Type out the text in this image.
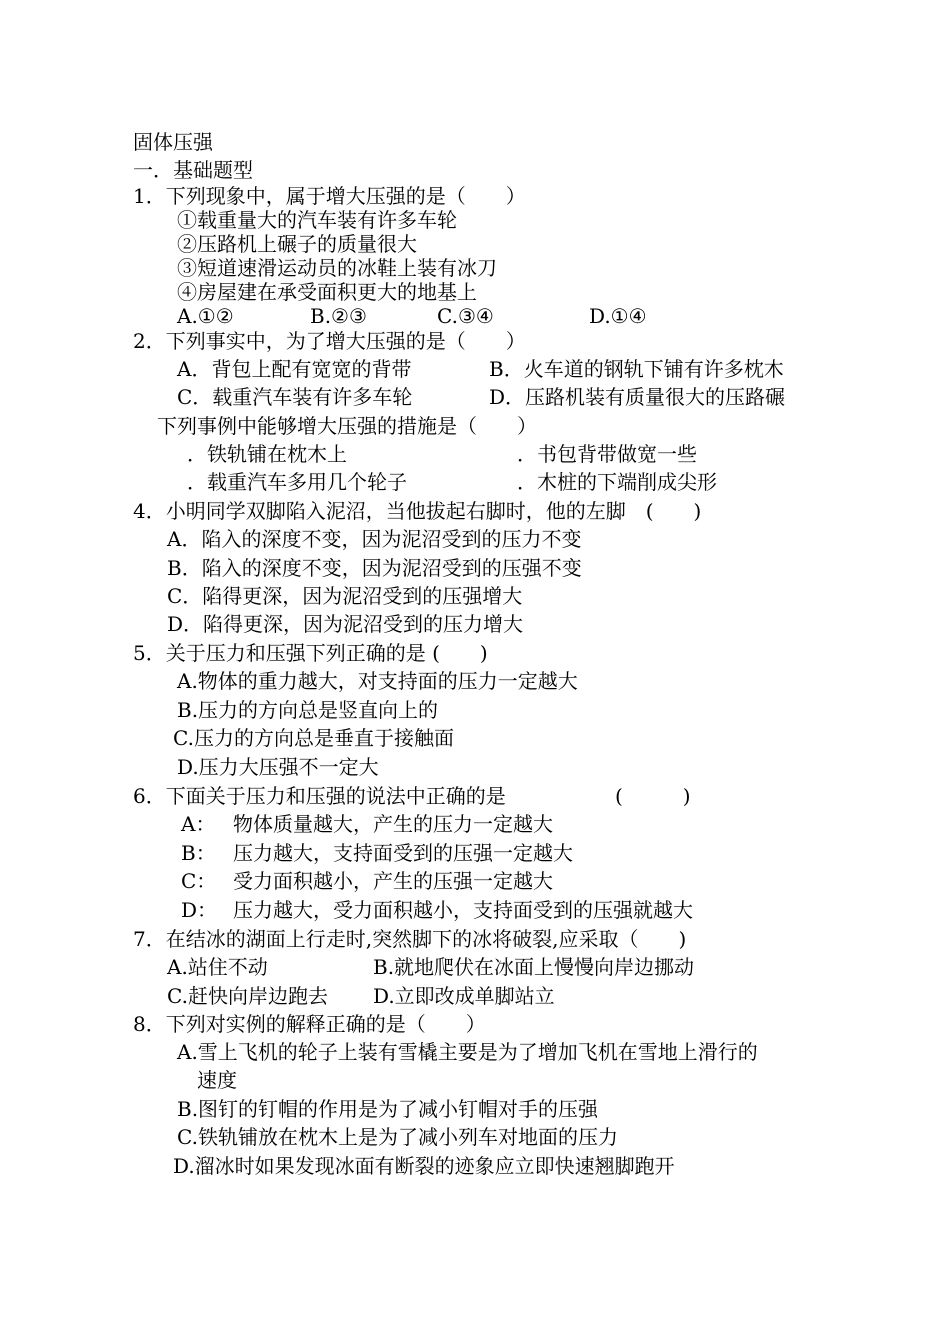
固体压强
一．基础题型
1．下列现象中，属于增大压强的是（　　）
①载重量大的汽车装有许多车轮
②压路机上碾子的质量很大
③短道速滑运动员的冰鞋上装有冰刀
④房屋建在承受面积更大的地基上
A.①②	B.②③	C.③④	D.①④
2．下列事实中，为了增大压强的是（　　）
A．背包上配有宽宽的背带	B．火车道的钢轨下铺有许多枕木
C．载重汽车装有许多车轮	D．压路机装有质量很大的压路碾
下列事例中能够增大压强的措施是（　　）
．铁轨铺在枕木上	．书包背带做宽一些
．载重汽车多用几个轮子	．木桩的下端削成尖形
4．小明同学双脚陷入泥沼，当他拔起右脚时，他的左脚　(　　)
A．陷入的深度不变，因为泥沼受到的压力不变
B．陷入的深度不变，因为泥沼受到的压强不变
C．陷得更深，因为泥沼受到的压强增大
D．陷得更深，因为泥沼受到的压力增大
5．关于压力和压强下列正确的是 (　　)
A.物体的重力越大，对支持面的压力一定越大
B.压力的方向总是竖直向上的
C.压力的方向总是垂直于接触面
D.压力大压强不一定大
6．下面关于压力和压强的说法中正确的是	(　　　)
A： 物体质量越大，产生的压力一定越大
B： 压力越大，支持面受到的压强一定越大
C： 受力面积越小，产生的压强一定越大
D： 压力越大，受力面积越小，支持面受到的压强就越大
7．在结冰的湖面上行走时,突然脚下的冰将破裂,应采取（　　)
A.站住不动	B.就地爬伏在冰面上慢慢向岸边挪动
C.赶快向岸边跑去 D.立即改成单脚站立
8．下列对实例的解释正确的是（　　）
A.雪上飞机的轮子上装有雪橇主要是为了增加飞机在雪地上滑行的
速度
B.图钉的钉帽的作用是为了减小钉帽对手的压强
C.铁轨铺放在枕木上是为了减小列车对地面的压力
D.溜冰时如果发现冰面有断裂的迹象应立即快速翘脚跑开
